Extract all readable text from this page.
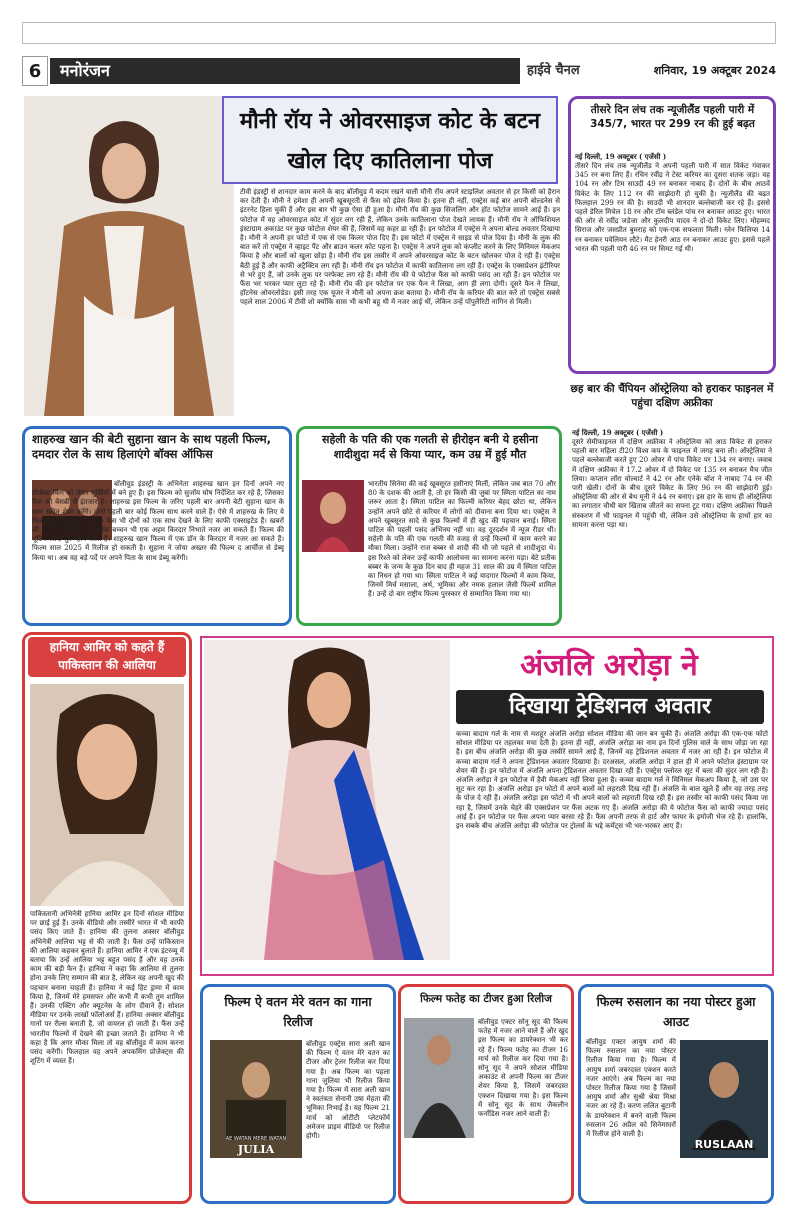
6	मनोरंजन	हाईवे चैनल	शनिवार, 19 अक्टूबर 2024
मौनी रॉय ने ओवरसाइज कोट के बटन खोल दिए कातिलाना पोज
टीवी इंडस्ट्री से शानदार काम करने के बाद बॉलीवुड में कदम रखने वाली मौनी रॉय अपने स्टाइलिश अवतार से हर किसी को हैरान कर देती हैं। मौनी ने हमेशा ही अपनी खूबसूरती से फैंस को इंप्रेस किया है। इतना ही नहीं, एक्ट्रेस कई बार अपनी बोल्डनेस से इंटरनेट हिला चुकी हैं और इस बार भी कुछ ऐसा ही हुआ है। मौनी रॉय की कुछ सिजलिंग और हॉट फोटोज सामने आई हैं। इन फोटोज में वह ओवरसाइज कोट में सुंदर लग रही हैं, लेकिन उनके कातिलाना पोज देखते लायक हैं। मौनी रॉय ने ऑफिशियल इंस्टाग्राम अकाउंट पर कुछ फोटोज शेयर की हैं, जिसमें वह कहर ढा रही हैं। इन फोटोज में एक्ट्रेस ने अपना बोल्ड अवतार दिखाया है। मौनी ने अपनी हर फोटो में एक से एक किलर पोज दिए हैं। इस फोटो में एक्ट्रेस ने साइड से पोज दिया है। मौनी के लुक की बात करें तो एक्ट्रेस ने व्हाइट पैंट और ब्राउन कलर कोट पहना है। एक्ट्रेस ने अपने लुक को कंप्लीट करने के लिए मिनिमल मेकअप किया है और बालों को खुला छोड़ा है। मौनी रॉय इस तस्वीर में अपने ओवरसाइज कोट के बटन खोलकर पोज दे रही हैं। एक्ट्रेस बैठी हुई हैं और काफी अट्रैक्टिव लग रही हैं। मौनी रॉय इन फोटोज में काफी कातिलाना लग रही हैं। एक्ट्रेस के एक्सप्रेशन इंटीरियर से भरे हुए हैं, जो उनके लुक पर परफेक्ट लग रहे हैं। मौनी रॉय की ये फोटोज फैंस को काफी पसंद आ रही हैं। इन फोटोज पर फैंस भर भरकर प्यार लुटा रहे हैं। मौनी रॉय की इन फोटोज पर एक फैन ने लिखा, आग ही लगा दोगी। दूसरे फैन ने लिखा, हॉटनेस ओवरलोडेड। इसी तरह एक यूजर ने मौनी को अपना क्रश बताया है। मौनी रॉय के करियर की बात करें तो एक्ट्रेस सबसे पहले साल 2006 में टीवी शो क्योंकि सास भी कभी बहू थी में नजर आई थीं, लेकिन उन्हें पॉपुलैरिटी नागिन से मिली।
तीसरे दिन लंच तक न्यूजीलैंड पहली पारी में 345/7, भारत पर 299 रन की हुई बढ़त
नई दिल्ली, 19 अक्टूबर ( एजेंसी )
तीसरे दिन लंच तक न्यूजीलैंड ने अपनी पहली पारी में सात विकेट गंवाकर 345 रन बना लिए हैं। रचिन रवींद्र ने टेस्ट करियर का दूसरा शतक जड़ा। वह 104 रन और टिम साउदी 49 रन बनाकर नाबाद हैं। दोनों के बीच आठवें विकेट के लिए 112 रन की साझेदारी हो चुकी है। न्यूजीलैंड की बढ़त फिलहाल 299 रन की है। साउदी भी शानदार बल्लेबाजी कर रहे हैं। इससे पहले डेरिल मिचेल 18 रन और टॉम ब्लंडेल पांच रन बनाकर आउट हुए। भारत की ओर से रवींद्र जडेजा और कुलदीप यादव ने दो-दो विकेट लिए। मोहम्मद सिराज और जसप्रीत बुमराह को एक-एक सफलता मिली। ग्लेन फिलिप्स 14 रन बनाकर पवेलियन लौटे। मैट हेनरी आठ रन बनाकर आउट हुए। इससे पहले भारत की पहली पारी 46 रन पर सिमट गई थी।
छह बार की चैंपियन ऑस्ट्रेलिया को हराकर फाइनल में पहुंचा दक्षिण अफ्रीका
नई दिल्ली, 19 अक्टूबर ( एजेंसी )
दूसरे सेमीफाइनल में दक्षिण अफ्रीका ने ऑस्ट्रेलिया को आठ विकेट से हराकर पहली बार महिला टी20 विश्व कप के फाइनल में जगह बना ली। ऑस्ट्रेलिया ने पहले बल्लेबाजी करते हुए 20 ओवर में पांच विकेट पर 134 रन बनाए। जवाब में दक्षिण अफ्रीका ने 17.2 ओवर में दो विकेट पर 135 रन बनाकर मैच जीत लिया। कप्तान लॉरा वोल्वार्ट ने 42 रन और एनेके बॉश ने नाबाद 74 रन की पारी खेली। दोनों के बीच दूसरे विकेट के लिए 96 रन की साझेदारी हुई। ऑस्ट्रेलिया की ओर से बेथ मूनी ने 44 रन बनाए। इस हार के साथ ही ऑस्ट्रेलिया का लगातार चौथी बार खिताब जीतने का सपना टूट गया। दक्षिण अफ्रीका पिछले संस्करण में भी फाइनल में पहुंची थी, लेकिन उसे ऑस्ट्रेलिया के हाथों हार का सामना करना पड़ा था।
शाहरुख खान की बेटी सुहाना खान के साथ पहली फिल्म, दमदार रोल के साथ हिलाएंगे बॉक्स ऑफिस
बॉलीवुड इंडस्ट्री के अभिनेता शाहरुख खान इन दिनों अपने नए प्रोजेक्ट किंग को लेकर सुर्खियों में बने हुए हैं। इस फिल्म को सुजॉय घोष निर्देशित कर रहे हैं, जिसका फैंस को बेसब्री से इंतजार है। शाहरुख इस फिल्म के जरिए पहली बार अपनी बेटी सुहाना खान के साथ स्क्रीन शेयर करेंगे। दोनों पहली बार कोई फिल्म साथ करने वाले हैं। ऐसे में शाहरुख के लिए ये फिल्म बहुत ज्यादा खास है। फैंस भी दोनों को एक साथ देखने के लिए काफी एक्साइटेड हैं। खबरों की मानें तो फिल्म में अभिषेक बच्चन भी एक अहम किरदार निभाते नजर आ सकते हैं। फिल्म की शूटिंग जल्द शुरू होने वाली है। शाहरुख खान फिल्म में एक डॉन के किरदार में नजर आ सकते हैं। फिल्म साल 2025 में रिलीज हो सकती है। सुहाना ने जोया अख्तर की फिल्म द आर्चीज से डेब्यू किया था। अब वह बड़े पर्दे पर अपने पिता के साथ डेब्यू करेंगी।
सहेली के पति की एक गलती से हीरोइन बनी ये हसीना शादीशुदा मर्द से किया प्यार, कम उम्र में हुई मौत
भारतीय सिनेमा की कई खूबसूरत हसीनाएं मिलीं, लेकिन जब बात 70 और 80 के दशक की आती है, तो हर किसी की जुबां पर स्मिता पाटिल का नाम जरूर आता है। स्मिता पाटिल का फिल्मी करियर बेहद छोटा था, लेकिन उन्होंने अपने छोटे से करियर में लोगों को दीवाना बना दिया था। एक्ट्रेस ने अपने खूबसूरत सादे से कुछ फिल्मों में ही खुद की पहचान बनाई। स्मिता पाटिल की पहली पसंद अभिनय नहीं था। वह दूरदर्शन में न्यूज रीडर थीं। सहेली के पति की एक गलती की वजह से उन्हें फिल्मों में काम करने का मौका मिला। उन्होंने राज बब्बर से शादी की थी जो पहले से शादीशुदा थे। इस रिश्ते को लेकर उन्हें काफी आलोचना का सामना करना पड़ा। बेटे प्रतीक बब्बर के जन्म के कुछ दिन बाद ही महज 31 साल की उम्र में स्मिता पाटिल का निधन हो गया था। स्मिता पाटिल ने कई यादगार फिल्मों में काम किया, जिनमें मिर्च मसाला, अर्थ, भूमिका और नमक हलाल जैसी फिल्में शामिल हैं। उन्हें दो बार राष्ट्रीय फिल्म पुरस्कार से सम्मानित किया गया था।
हानिया आमिर को कहते हैं पाकिस्तान की आलिया
पाकिस्तानी अभिनेत्री हानिया आमिर इन दिनों सोशल मीडिया पर छाई हुई हैं। उनके वीडियो और तस्वीरें भारत में भी काफी पसंद किए जाते हैं। हानिया की तुलना अक्सर बॉलीवुड अभिनेत्री आलिया भट्ट से की जाती है। फैंस उन्हें पाकिस्तान की आलिया कहकर बुलाते हैं। हानिया आमिर ने एक इंटरव्यू में बताया कि उन्हें आलिया भट्ट बहुत पसंद हैं और वह उनके काम की बड़ी फैन हैं। हानिया ने कहा कि आलिया से तुलना होना उनके लिए सम्मान की बात है, लेकिन वह अपनी खुद की पहचान बनाना चाहती हैं। हानिया ने कई हिट ड्रामा में काम किया है, जिनमें मेरे हमसफर और कभी मैं कभी तुम शामिल हैं। उनकी एक्टिंग और क्यूटनेस के लोग दीवाने हैं। सोशल मीडिया पर उनके लाखों फॉलोअर्स हैं। हानिया अक्सर बॉलीवुड गानों पर रील्स बनाती हैं, जो वायरल हो जाती हैं। फैंस उन्हें भारतीय फिल्मों में देखने की इच्छा जताते हैं। हानिया ने भी कहा है कि अगर मौका मिला तो वह बॉलीवुड में काम करना पसंद करेंगी। फिलहाल वह अपने अपकमिंग प्रोजेक्ट्स की शूटिंग में व्यस्त हैं।
अंजलि अरोड़ा ने
दिखाया ट्रेडिशनल अवतार
कच्चा बादाम गर्ल के नाम से मशहूर अंजलि अरोड़ा सोशल मीडिया की जान बन चुकी हैं। अंजलि अरोड़ा की एक-एक फोटो सोशल मीडिया पर तहलका मचा देती है। इतना ही नहीं, अंजलि अरोड़ा का नाम इन दिनों पुलिस वाले के साथ जोड़ा जा रहा है। इस बीच अंजलि अरोड़ा की कुछ तस्वीरें सामने आई हैं, जिनमें वह ट्रेडिशनल अवतार में नजर आ रही हैं। इन फोटोज में कच्चा बादाम गर्ल ने अपना ट्रेडिशनल अवतार दिखाया है। दरअसल, अंजलि अरोड़ा ने हाल ही में अपने फोटोज इंस्टाग्राम पर शेयर की हैं। इन फोटोज में अंजलि अपना ट्रेडिशनल अवतार दिखा रही हैं। एक्ट्रेस फ्लोरल सूट में बला की सुंदर लग रही हैं। अंजलि अरोड़ा ने इन फोटोज में हैवी मेकअप नहीं लिया हुआ है। कच्चा बादाम गर्ल ने मिनिमल मेकअप किया है, जो उस पर सूट कर रहा है। अंजलि अरोड़ा इन फोटो में अपने बालों को लहराती दिख रही हैं। अंजलि के बाल खुले हैं और वह तरह तरह के पोज दे रही हैं। अंजलि अरोड़ा इस फोटो में भी अपने बालों को लहराती दिख रही हैं। इस तस्वीर को काफी पसंद किया जा रहा है, जिसमें उनके चेहरे की एक्सप्रेशन पर फैंस अटक गए हैं। अंजलि अरोड़ा की ये फोटोज फैंस को काफी ज्यादा पसंद आई हैं। इन फोटोज पर फैंस अपना प्यार बरसा रहे हैं। फैंस अपनी तरफ से हार्ट और फायर के इमोजी भेज रहे हैं। हालांकि, इन सबके बीच अंजलि अरोड़ा की फोटोज पर ट्रोलर्स के भद्दे कमेंट्स भी भर-भरकर आए हैं।
फिल्म ऐ वतन मेरे वतन का गाना रिलीज
AE WATAN MERE WATAN
JULIA
बॉलीवुड एक्ट्रेस सारा अली खान की फिल्म ऐ वतन मेरे वतन का टीजर और ट्रेलर रिलीज कर दिया गया है। अब फिल्म का पहला गाना जुलिया भी रिलीज किया गया है। फिल्म में सारा अली खान ने स्वतंत्रता सेनानी उषा मेहता की भूमिका निभाई है। यह फिल्म 21 मार्च को ओटीटी प्लेटफॉर्म अमेजन प्राइम वीडियो पर रिलीज होगी।
फिल्म फतेह का टीजर हुआ रिलीज
बॉलीवुड एक्टर सोनू सूद की फिल्म फतेह में नजर आने वाले हैं और खुद इस फिल्म का डायरेक्शन भी कर रहे हैं। फिल्म फतेह का टीजर 16 मार्च को रिलीज कर दिया गया है। सोनू सूद ने अपने सोशल मीडिया अकाउंट से अपनी फिल्म का टीजर शेयर किया है, जिसमें जबरदस्त एक्शन दिखाया गया है। इस फिल्म में सोनू सूद के साथ जैकलीन फर्नांडिस नजर आने वाली हैं।
फिल्म रुसलान का नया पोस्टर हुआ आउट
बॉलीवुड एक्टर आयुष शर्मा की फिल्म रुसलान का नया पोस्टर रिलीज किया गया है। फिल्म में आयुष शर्मा जबरदस्त एक्शन करते नजर आएंगे। अब फिल्म का नया पोस्टर रिलीज किया गया है जिसमें आयुष शर्मा और सुश्री श्रेया मिश्रा नजर आ रहे हैं। करण ललित बुटानी के डायरेक्शन में बनने वाली फिल्म रुसलान 26 अप्रैल को सिनेमाघरों में रिलीज होने वाली है।
RUSLAAN
